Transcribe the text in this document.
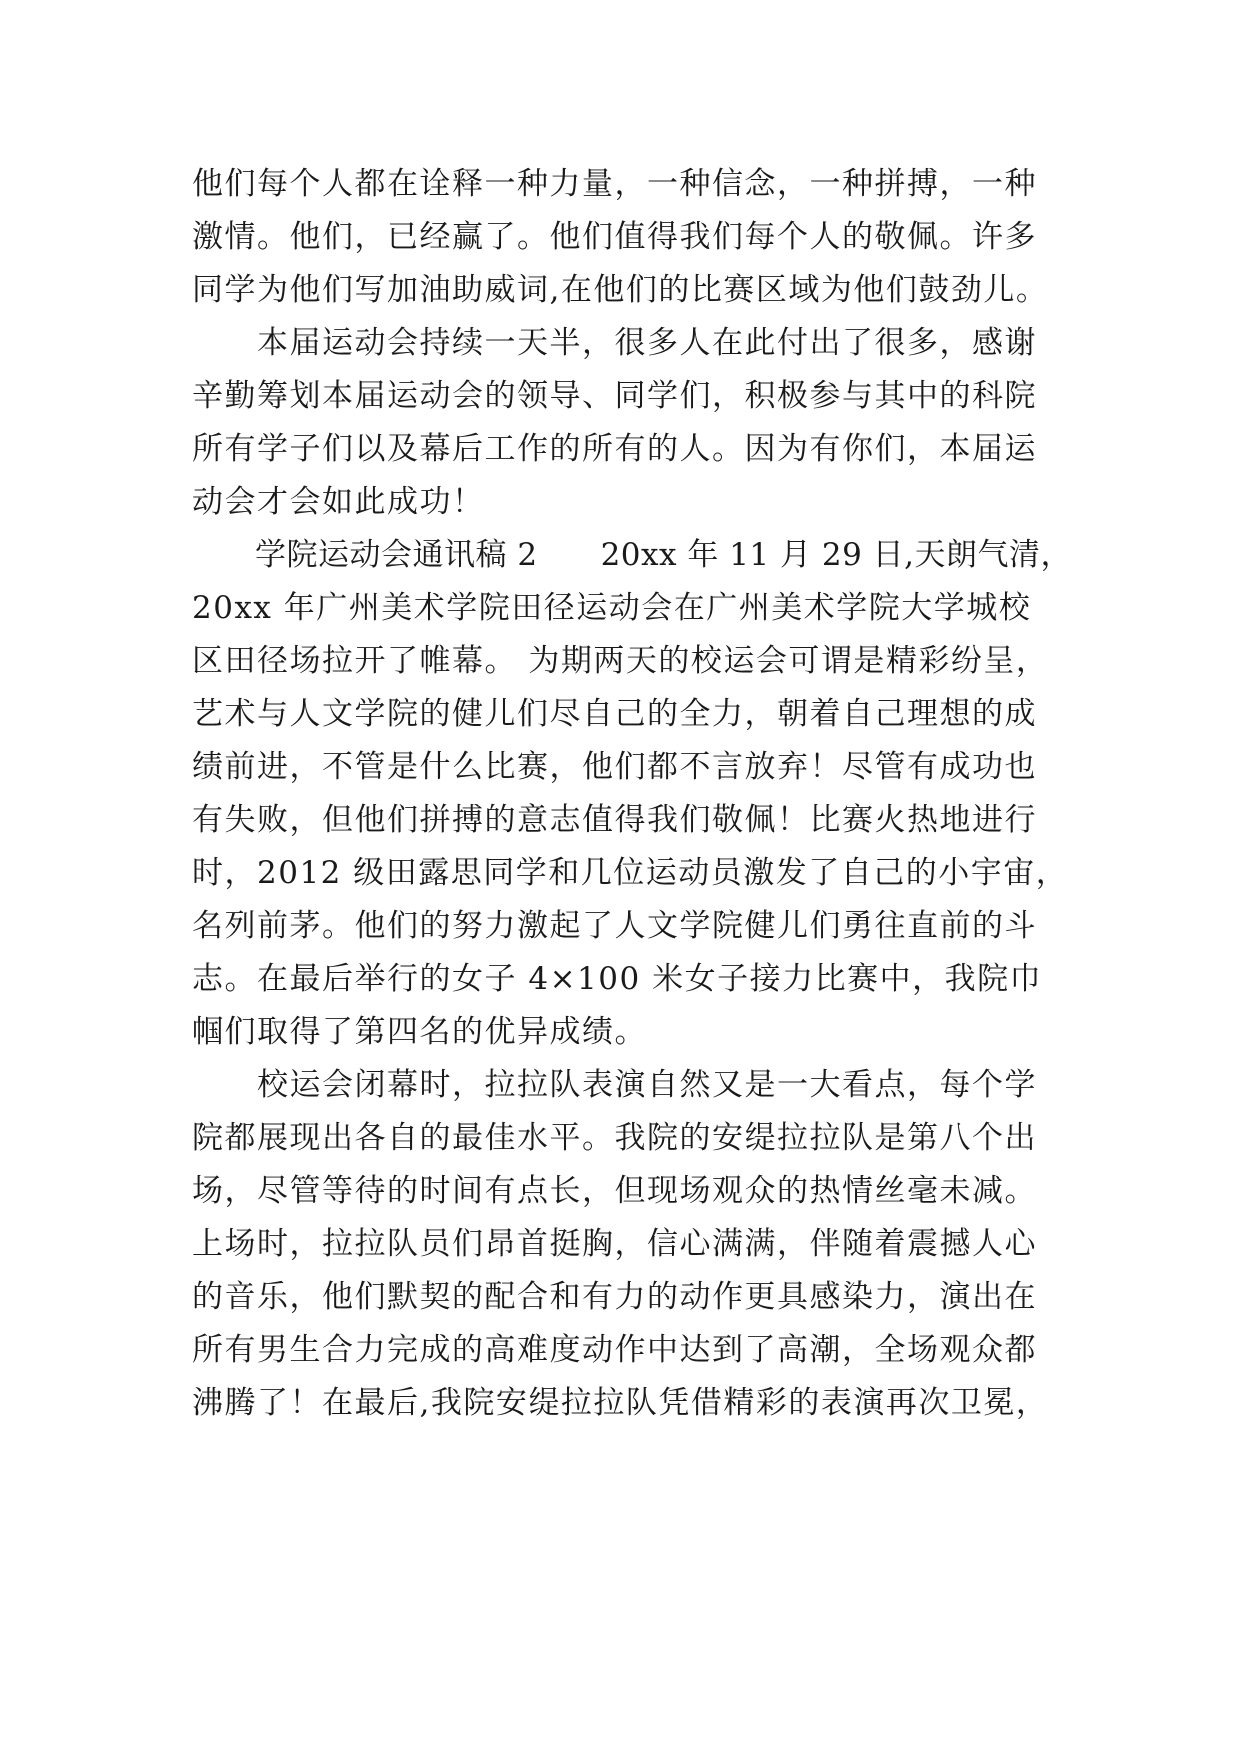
他们每个人都在诠释一种力量，一种信念，一种拼搏，一种
激情。他们，已经赢了。他们值得我们每个人的敬佩。许多
同学为他们写加油助威词,在他们的比赛区域为他们鼓劲儿。
　　本届运动会持续一天半，很多人在此付出了很多，感谢
辛勤筹划本届运动会的领导、同学们，积极参与其中的科院
所有学子们以及幕后工作的所有的人。因为有你们，本届运
动会才会如此成功！
　　学院运动会通讯稿 2　　20xx 年 11 月 29 日,天朗气清，
20xx 年广州美术学院田径运动会在广州美术学院大学城校
区田径场拉开了帷幕。 为期两天的校运会可谓是精彩纷呈，
艺术与人文学院的健儿们尽自己的全力，朝着自己理想的成
绩前进，不管是什么比赛，他们都不言放弃！尽管有成功也
有失败，但他们拼搏的意志值得我们敬佩！比赛火热地进行
时，2012 级田露思同学和几位运动员激发了自己的小宇宙，
名列前茅。他们的努力激起了人文学院健儿们勇往直前的斗
志。在最后举行的女子 4×100 米女子接力比赛中，我院巾
帼们取得了第四名的优异成绩。
　　校运会闭幕时，拉拉队表演自然又是一大看点，每个学
院都展现出各自的最佳水平。我院的安缇拉拉队是第八个出
场，尽管等待的时间有点长，但现场观众的热情丝毫未减。
上场时，拉拉队员们昂首挺胸，信心满满，伴随着震撼人心
的音乐，他们默契的配合和有力的动作更具感染力，演出在
所有男生合力完成的高难度动作中达到了高潮，全场观众都
沸腾了！在最后,我院安缇拉拉队凭借精彩的表演再次卫冕，
